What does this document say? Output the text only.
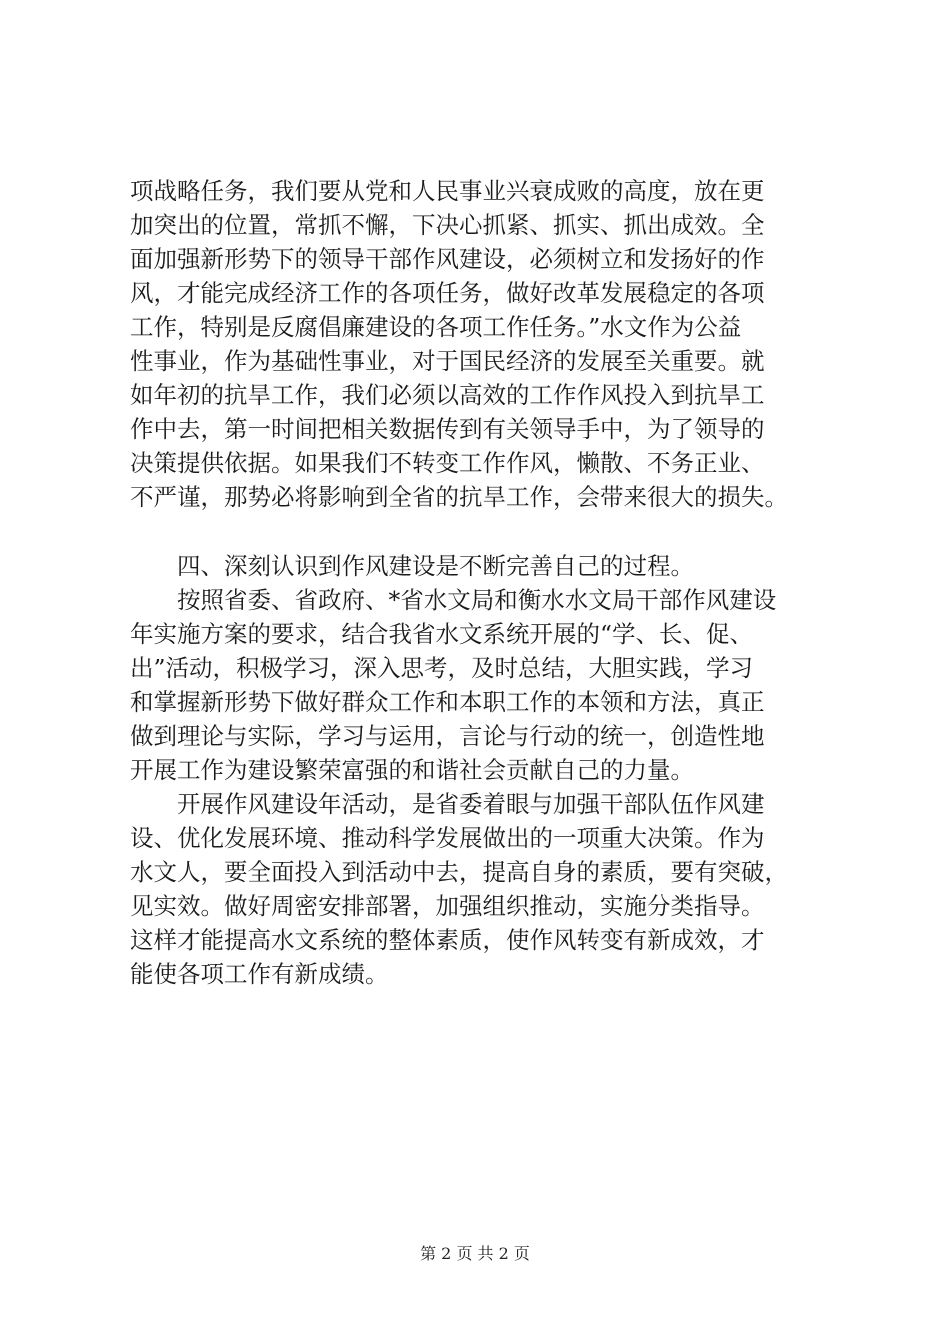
项战略任务，我们要从党和人民事业兴衰成败的高度，放在更
加突出的位置，常抓不懈，下决心抓紧、抓实、抓出成效。全
面加强新形势下的领导干部作风建设，必须树立和发扬好的作
风，才能完成经济工作的各项任务，做好改革发展稳定的各项
工作，特别是反腐倡廉建设的各项工作任务。”水文作为公益
性事业，作为基础性事业，对于国民经济的发展至关重要。就
如年初的抗旱工作，我们必须以高效的工作作风投入到抗旱工
作中去，第一时间把相关数据传到有关领导手中，为了领导的
决策提供依据。如果我们不转变工作作风，懒散、不务正业、
不严谨，那势必将影响到全省的抗旱工作，会带来很大的损失。
　　四、深刻认识到作风建设是不断完善自己的过程。
　　按照省委、省政府、*省水文局和衡水水文局干部作风建设
年实施方案的要求，结合我省水文系统开展的“学、长、促、
出”活动，积极学习，深入思考，及时总结，大胆实践，学习
和掌握新形势下做好群众工作和本职工作的本领和方法，真正
做到理论与实际，学习与运用，言论与行动的统一，创造性地
开展工作为建设繁荣富强的和谐社会贡献自己的力量。
　　开展作风建设年活动，是省委着眼与加强干部队伍作风建
设、优化发展环境、推动科学发展做出的一项重大决策。作为
水文人，要全面投入到活动中去，提高自身的素质，要有突破，
见实效。做好周密安排部署，加强组织推动，实施分类指导。
这样才能提高水文系统的整体素质，使作风转变有新成效，才
能使各项工作有新成绩。
第 2 页 共 2 页
